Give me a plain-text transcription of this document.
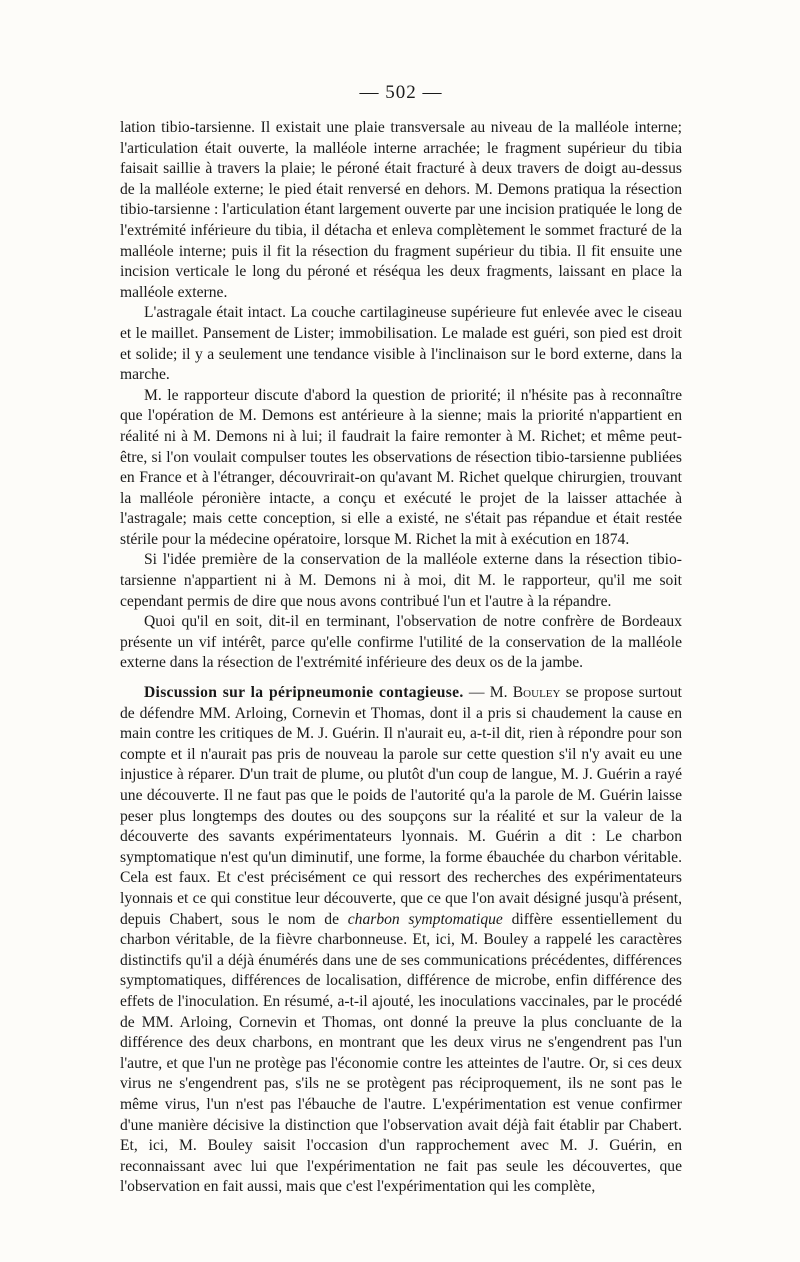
— 502 —

lation tibio-tarsienne. Il existait une plaie transversale au niveau de la malléole interne; l'articulation était ouverte, la malléole interne arrachée; le fragment supérieur du tibia faisait saillie à travers la plaie; le péroné était fracturé à deux travers de doigt au-dessus de la malléole externe; le pied était renversé en dehors. M. Demons pratiqua la résection tibio-tarsienne : l'articulation étant largement ouverte par une incision pratiquée le long de l'extrémité inférieure du tibia, il détacha et enleva complètement le sommet fracturé de la malléole interne; puis il fit la résection du fragment supérieur du tibia. Il fit ensuite une incision verticale le long du péroné et réséqua les deux fragments, laissant en place la malléole externe.

L'astragale était intact. La couche cartilagineuse supérieure fut enlevée avec le ciseau et le maillet. Pansement de Lister; immobilisation. Le malade est guéri, son pied est droit et solide; il y a seulement une tendance visible à l'inclinaison sur le bord externe, dans la marche.

M. le rapporteur discute d'abord la question de priorité; il n'hésite pas à reconnaître que l'opération de M. Demons est antérieure à la sienne; mais la priorité n'appartient en réalité ni à M. Demons ni à lui; il faudrait la faire remonter à M. Richet; et même peut-être, si l'on voulait compulser toutes les observations de résection tibio-tarsienne publiées en France et à l'étranger, découvrirait-on qu'avant M. Richet quelque chirurgien, trouvant la malléole péronière intacte, a conçu et exécuté le projet de la laisser attachée à l'astragale; mais cette conception, si elle a existé, ne s'était pas répandue et était restée stérile pour la médecine opératoire, lorsque M. Richet la mit à exécution en 1874.

Si l'idée première de la conservation de la malléole externe dans la résection tibio-tarsienne n'appartient ni à M. Demons ni à moi, dit M. le rapporteur, qu'il me soit cependant permis de dire que nous avons contribué l'un et l'autre à la répandre.

Quoi qu'il en soit, dit-il en terminant, l'observation de notre confrère de Bordeaux présente un vif intérêt, parce qu'elle confirme l'utilité de la conservation de la malléole externe dans la résection de l'extrémité inférieure des deux os de la jambe.

Discussion sur la péripneumonie contagieuse. — M. Bouley se propose surtout de défendre MM. Arloing, Cornevin et Thomas, dont il a pris si chaudement la cause en main contre les critiques de M. J. Guérin. Il n'aurait eu, a-t-il dit, rien à répondre pour son compte et il n'aurait pas pris de nouveau la parole sur cette question s'il n'y avait eu une injustice à réparer. D'un trait de plume, ou plutôt d'un coup de langue, M. J. Guérin a rayé une découverte. Il ne faut pas que le poids de l'autorité qu'a la parole de M. Guérin laisse peser plus longtemps des doutes ou des soupçons sur la réalité et sur la valeur de la découverte des savants expérimentateurs lyonnais. M. Guérin a dit : Le charbon symptomatique n'est qu'un diminutif, une forme, la forme ébauchée du charbon véritable. Cela est faux. Et c'est précisément ce qui ressort des recherches des expérimentateurs lyonnais et ce qui constitue leur découverte, que ce que l'on avait désigné jusqu'à présent, depuis Chabert, sous le nom de charbon symptomatique diffère essentiellement du charbon véritable, de la fièvre charbonneuse. Et, ici, M. Bouley a rappelé les caractères distinctifs qu'il a déjà énumérés dans une de ses communications précédentes, différences symptomatiques, différences de localisation, différence de microbe, enfin différence des effets de l'inoculation. En résumé, a-t-il ajouté, les inoculations vaccinales, par le procédé de MM. Arloing, Cornevin et Thomas, ont donné la preuve la plus concluante de la différence des deux charbons, en montrant que les deux virus ne s'engendrent pas l'un l'autre, et que l'un ne protège pas l'économie contre les atteintes de l'autre. Or, si ces deux virus ne s'engendrent pas, s'ils ne se protègent pas réciproquement, ils ne sont pas le même virus, l'un n'est pas l'ébauche de l'autre. L'expérimentation est venue confirmer d'une manière décisive la distinction que l'observation avait déjà fait établir par Chabert. Et, ici, M. Bouley saisit l'occasion d'un rapprochement avec M. J. Guérin, en reconnaissant avec lui que l'expérimentation ne fait pas seule les découvertes, que l'observation en fait aussi, mais que c'est l'expérimentation qui les complète,
